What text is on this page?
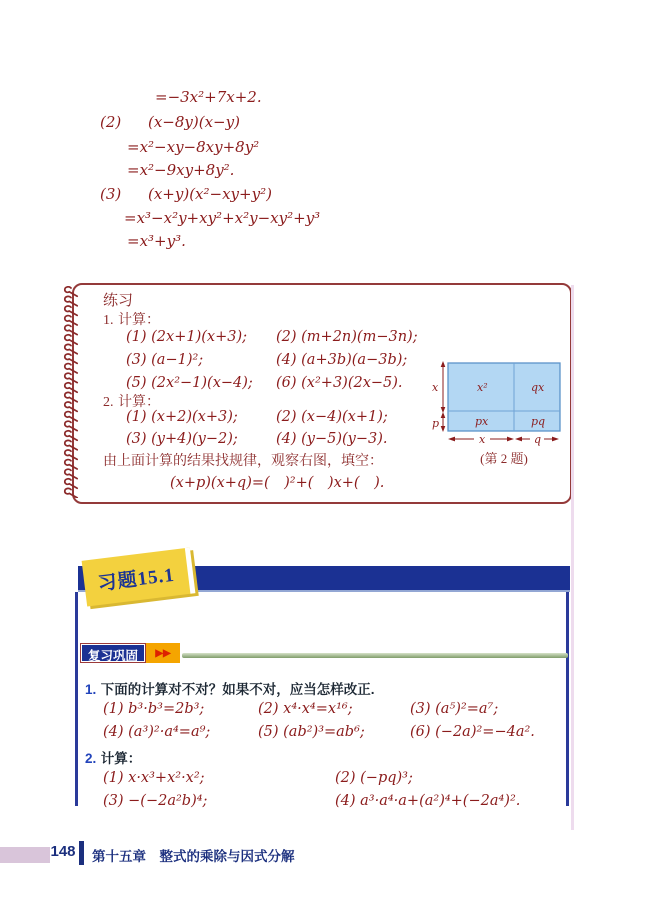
=−3x²+7x+2.
(2) (x−8y)(x−y)
=x²−xy−8xy+8y²
=x²−9xy+8y².
(3) (x+y)(x²−xy+y²)
=x³−x²y+xy²+x²y−xy²+y³
=x³+y³.
练习
1. 计算：
(1) (2x+1)(x+3); (2) (m+2n)(m−3n);
(3) (a−1)²;	(4) (a+3b)(a−3b);
(5) (2x²−1)(x−4); (6) (x²+3)(2x−5).
2. 计算：
(1) (x+2)(x+3);	(2) (x−4)(x+1);
(3) (y+4)(y−2);	(4) (y−5)(y−3).
由上面计算的结果找规律，观察右图，填空：
(x+p)(x+q)=(　)²+(　)x+(　).
x²	qx
px	pq
x
p
x	q
(第 2 题)
习题15.1
复习巩固	▶▶
1. 下面的计算对不对？如果不对，应当怎样改正.
(1) b³·b³=2b³;	(2) x⁴·x⁴=x¹⁶;	(3) (a⁵)²=a⁷;
(4) (a³)²·a⁴=a⁹;	(5) (ab²)³=ab⁶;	(6) (−2a)²=−4a².
2. 计算：
(1) x·x³+x²·x²;	(2) (−pq)³;
(3) −(−2a²b)⁴;	(4) a³·a⁴·a+(a²)⁴+(−2a⁴)².
148 第十五章　整式的乘除与因式分解
